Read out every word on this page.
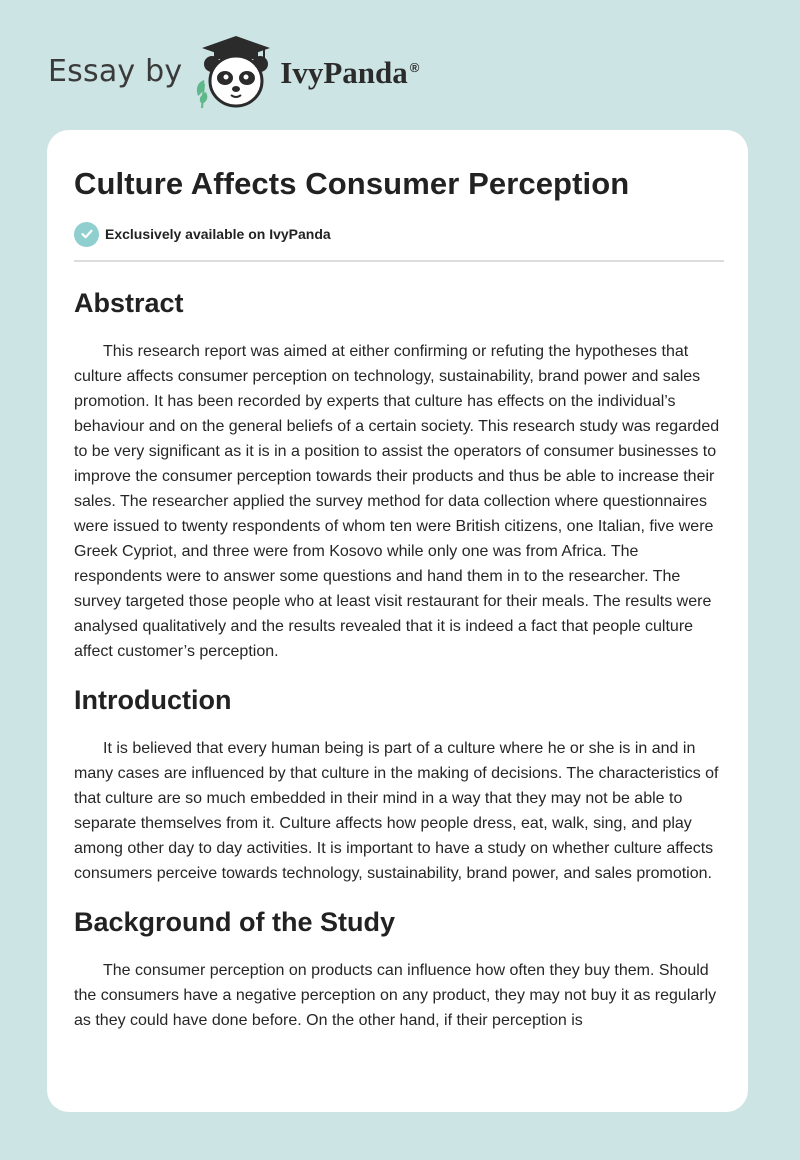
Essay by	IvyPanda ®
Culture Affects Consumer Perception
Exclusively available on IvyPanda
Abstract

This research report was aimed at either confirming or refuting the hypotheses that culture affects consumer perception on technology, sustainability, brand power and sales promotion. It has been recorded by experts that culture has effects on the individual’s behaviour and on the general beliefs of a certain society. This research study was regarded to be very significant as it is in a position to assist the operators of consumer businesses to improve the consumer perception towards their products and thus be able to increase their sales. The researcher applied the survey method for data collection where questionnaires were issued to twenty respondents of whom ten were British citizens, one Italian, five were Greek Cypriot, and three were from Kosovo while only one was from Africa. The respondents were to answer some questions and hand them in to the researcher. The survey targeted those people who at least visit restaurant for their meals. The results were analysed qualitatively and the results revealed that it is indeed a fact that people culture affect customer’s perception.

Introduction

It is believed that every human being is part of a culture where he or she is in and in many cases are influenced by that culture in the making of decisions. The characteristics of that culture are so much embedded in their mind in a way that they may not be able to separate themselves from it. Culture affects how people dress, eat, walk, sing, and play among other day to day activities. It is important to have a study on whether culture affects consumers perceive towards technology, sustainability, brand power, and sales promotion.

Background of the Study

The consumer perception on products can influence how often they buy them. Should the consumers have a negative perception on any product, they may not buy it as regularly as they could have done before. On the other hand, if their perception is
